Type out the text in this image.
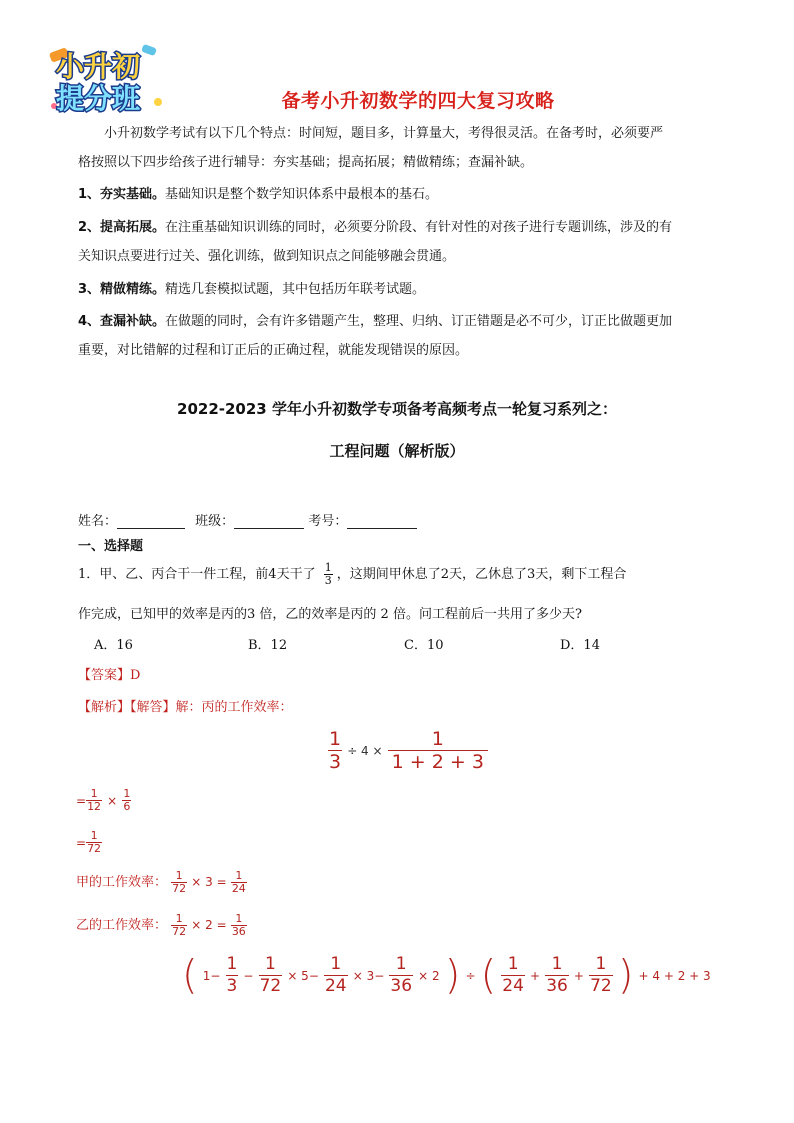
小升初
提分班	备考小升初数学的四大复习攻略
小升初数学考试有以下几个特点：时间短，题目多，计算量大，考得很灵活。在备考时，必须要严
格按照以下四步给孩子进行辅导：夯实基础；提高拓展；精做精练；查漏补缺。
1、夯实基础。基础知识是整个数学知识体系中最根本的基石。
2、提高拓展。在注重基础知识训练的同时，必须要分阶段、有针对性的对孩子进行专题训练，涉及的有
关知识点要进行过关、强化训练，做到知识点之间能够融会贯通。
3、精做精练。精选几套模拟试题，其中包括历年联考试题。
4、查漏补缺。在做题的同时，会有许多错题产生，整理、归纳、订正错题是必不可少，订正比做题更加
重要，对比错解的过程和订正后的正确过程，就能发现错误的原因。
2022-2023 学年小升初数学专项备考高频考点一轮复习系列之：
工程问题（解析版）
姓名：	班级：	考号：
一、选择题
1．甲、乙、丙合干一件工程，前4天干了 $\frac{1}{3}$ ，这期间甲休息了2天，乙休息了3天，剩下工程合
作完成，已知甲的效率是丙的3 倍，乙的效率是丙的 2 倍。问工程前后一共用了多少天?
A．16	B．12	C．10	D．14
【答案】D
【解析】【解答】解：丙的工作效率：
$\frac{1}{3} \div 4 \times \frac{1}{1 + 2 + 3}$
= $\frac{1}{12} \times \frac{1}{6}$
= $\frac{1}{72}$
甲的工作效率： $\frac{1}{72} \times 3 = \frac{1}{24}$
乙的工作效率： $\frac{1}{72} \times 2 = \frac{1}{36}$
( $1- \frac{1}{3} - \frac{1}{72} \times 5- \frac{1}{24} \times 3- \frac{1}{36} \times 2$ ) ÷ ( $\frac{1}{24} + \frac{1}{36} + \frac{1}{72}$ ) + 4 + 2 + 3
